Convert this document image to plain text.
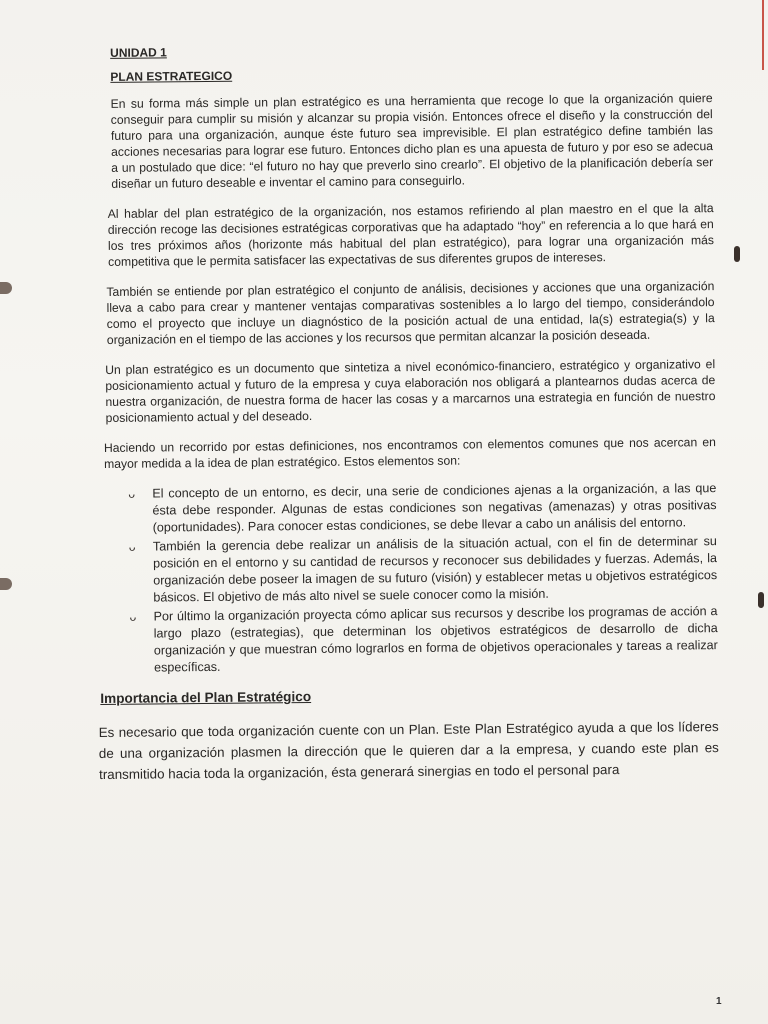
UNIDAD 1
PLAN ESTRATEGICO

En su forma más simple un plan estratégico es una herramienta que recoge lo que la organización quiere conseguir para cumplir su misión y alcanzar su propia visión. Entonces ofrece el diseño y la construcción del futuro para una organización, aunque éste futuro sea imprevisible. El plan estratégico define también las acciones necesarias para lograr ese futuro. Entonces dicho plan es una apuesta de futuro y por eso se adecua a un postulado que dice: “el futuro no hay que preverlo sino crearlo”. El objetivo de la planificación debería ser diseñar un futuro deseable e inventar el camino para conseguirlo.

Al hablar del plan estratégico de la organización, nos estamos refiriendo al plan maestro en el que la alta dirección recoge las decisiones estratégicas corporativas que ha adaptado “hoy” en referencia a lo que hará en los tres próximos años (horizonte más habitual del plan estratégico), para lograr una organización más competitiva que le permita satisfacer las expectativas de sus diferentes grupos de intereses.

También se entiende por plan estratégico el conjunto de análisis, decisiones y acciones que una organización lleva a cabo para crear y mantener ventajas comparativas sostenibles a lo largo del tiempo, considerándolo como el proyecto que incluye un diagnóstico de la posición actual de una entidad, la(s) estrategia(s) y la organización en el tiempo de las acciones y los recursos que permitan alcanzar la posición deseada.

Un plan estratégico es un documento que sintetiza a nivel económico-financiero, estratégico y organizativo el posicionamiento actual y futuro de la empresa y cuya elaboración nos obligará a plantearnos dudas acerca de nuestra organización, de nuestra forma de hacer las cosas y a marcarnos una estrategia en función de nuestro posicionamiento actual y del deseado.

Haciendo un recorrido por estas definiciones, nos encontramos con elementos comunes que nos acercan en mayor medida a la idea de plan estratégico. Estos elementos son:

ᴗ El concepto de un entorno, es decir, una serie de condiciones ajenas a la organización, a las que ésta debe responder. Algunas de estas condiciones son negativas (amenazas) y otras positivas (oportunidades). Para conocer estas condiciones, se debe llevar a cabo un análisis del entorno.
ᴗ También la gerencia debe realizar un análisis de la situación actual, con el fin de determinar su posición en el entorno y su cantidad de recursos y reconocer sus debilidades y fuerzas. Además, la organización debe poseer la imagen de su futuro (visión) y establecer metas u objetivos estratégicos básicos. El objetivo de más alto nivel se suele conocer como la misión.
ᴗ Por último la organización proyecta cómo aplicar sus recursos y describe los programas de acción a largo plazo (estrategias), que determinan los objetivos estratégicos de desarrollo de dicha organización y que muestran cómo lograrlos en forma de objetivos operacionales y tareas a realizar específicas.
Importancia del Plan Estratégico

Es necesario que toda organización cuente con un Plan. Este Plan Estratégico ayuda a que los líderes de una organización plasmen la dirección que le quieren dar a la empresa, y cuando este plan es transmitido hacia toda la organización, ésta generará sinergias en todo el personal para

1
